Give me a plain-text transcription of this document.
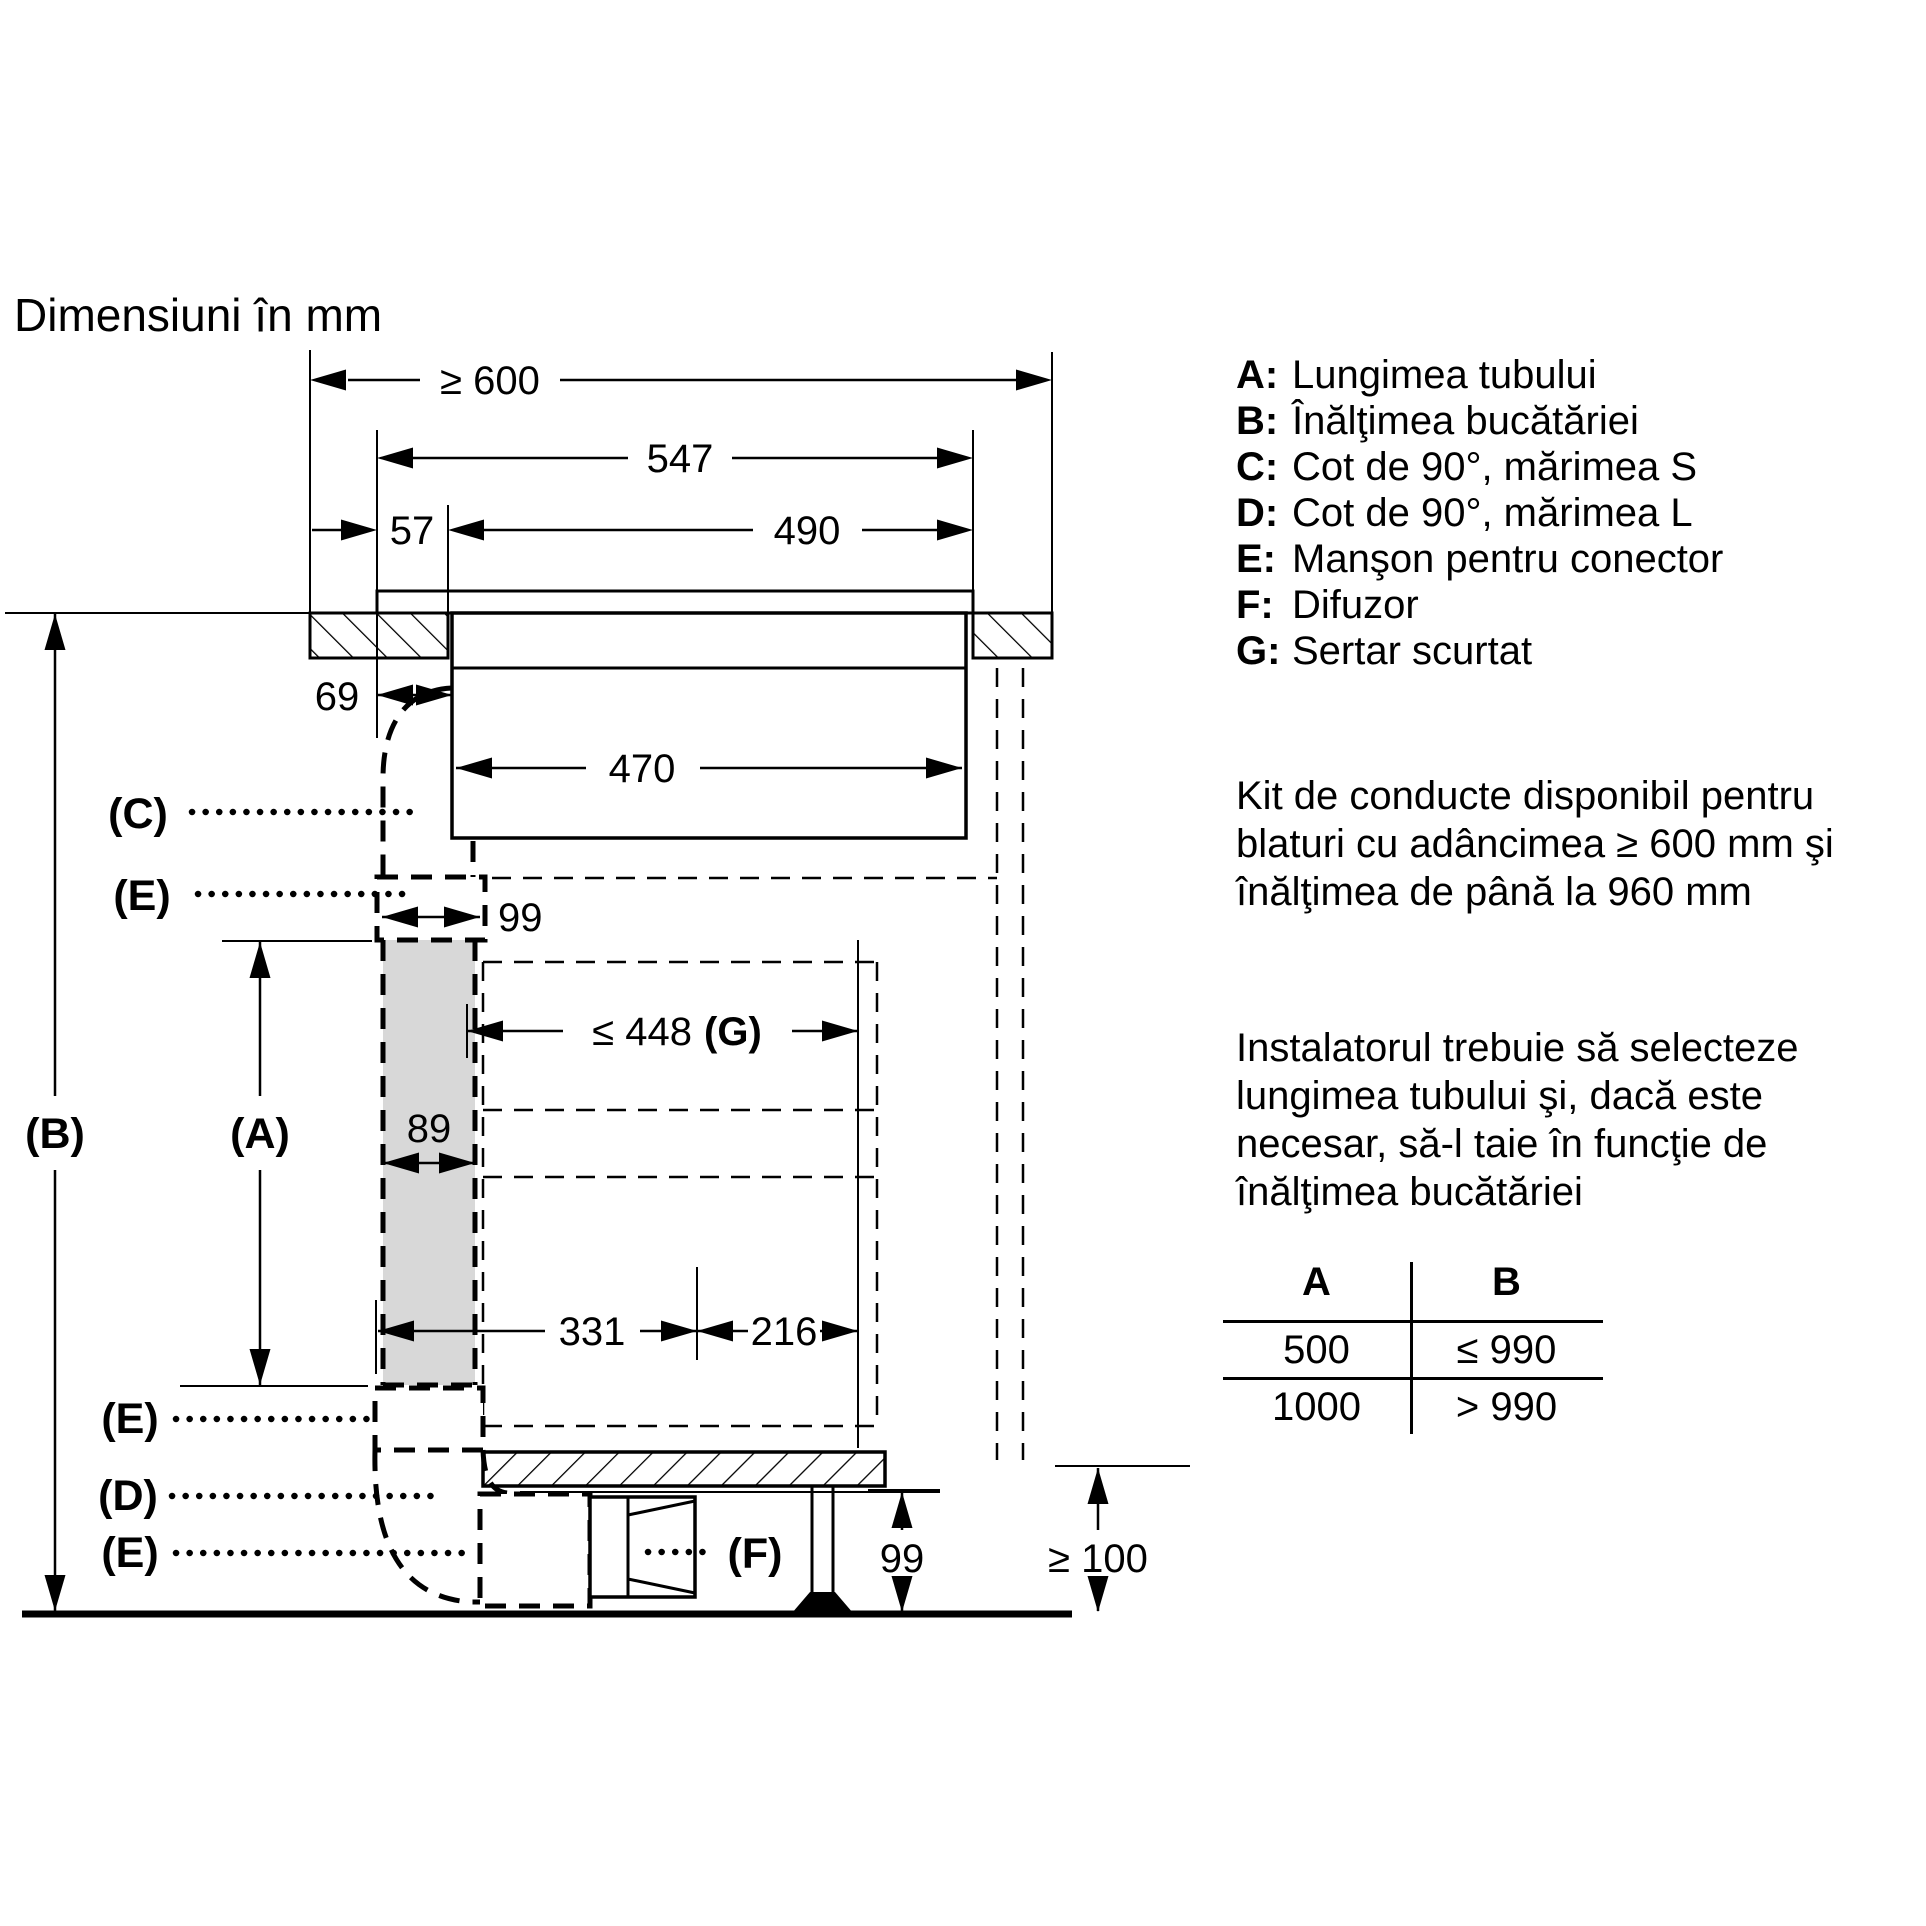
≥ 600
547
490
57
69
470
99
89
≤ 448 (G)
331	216
99	≥ 100
(B)	(A)
(C)
(E)
(E)
(D)
(E)	(F)
Dimensiuni în mm
A: Lungimea tubului
B: Înălţimea bucătăriei
C: Cot de 90°, mărimea S
D: Cot de 90°, mărimea L
E: Manşon pentru conector
F: Difuzor
G: Sertar scurtat
Kit de conducte disponibil pentru
blaturi cu adâncimea ≥ 600 mm şi
înălţimea de până la 960 mm
Instalatorul trebuie să selecteze
lungimea tubului şi, dacă este
necesar, să-l taie în funcţie de
înălţimea bucătăriei
A	B
500	≤ 990
1000	> 990
